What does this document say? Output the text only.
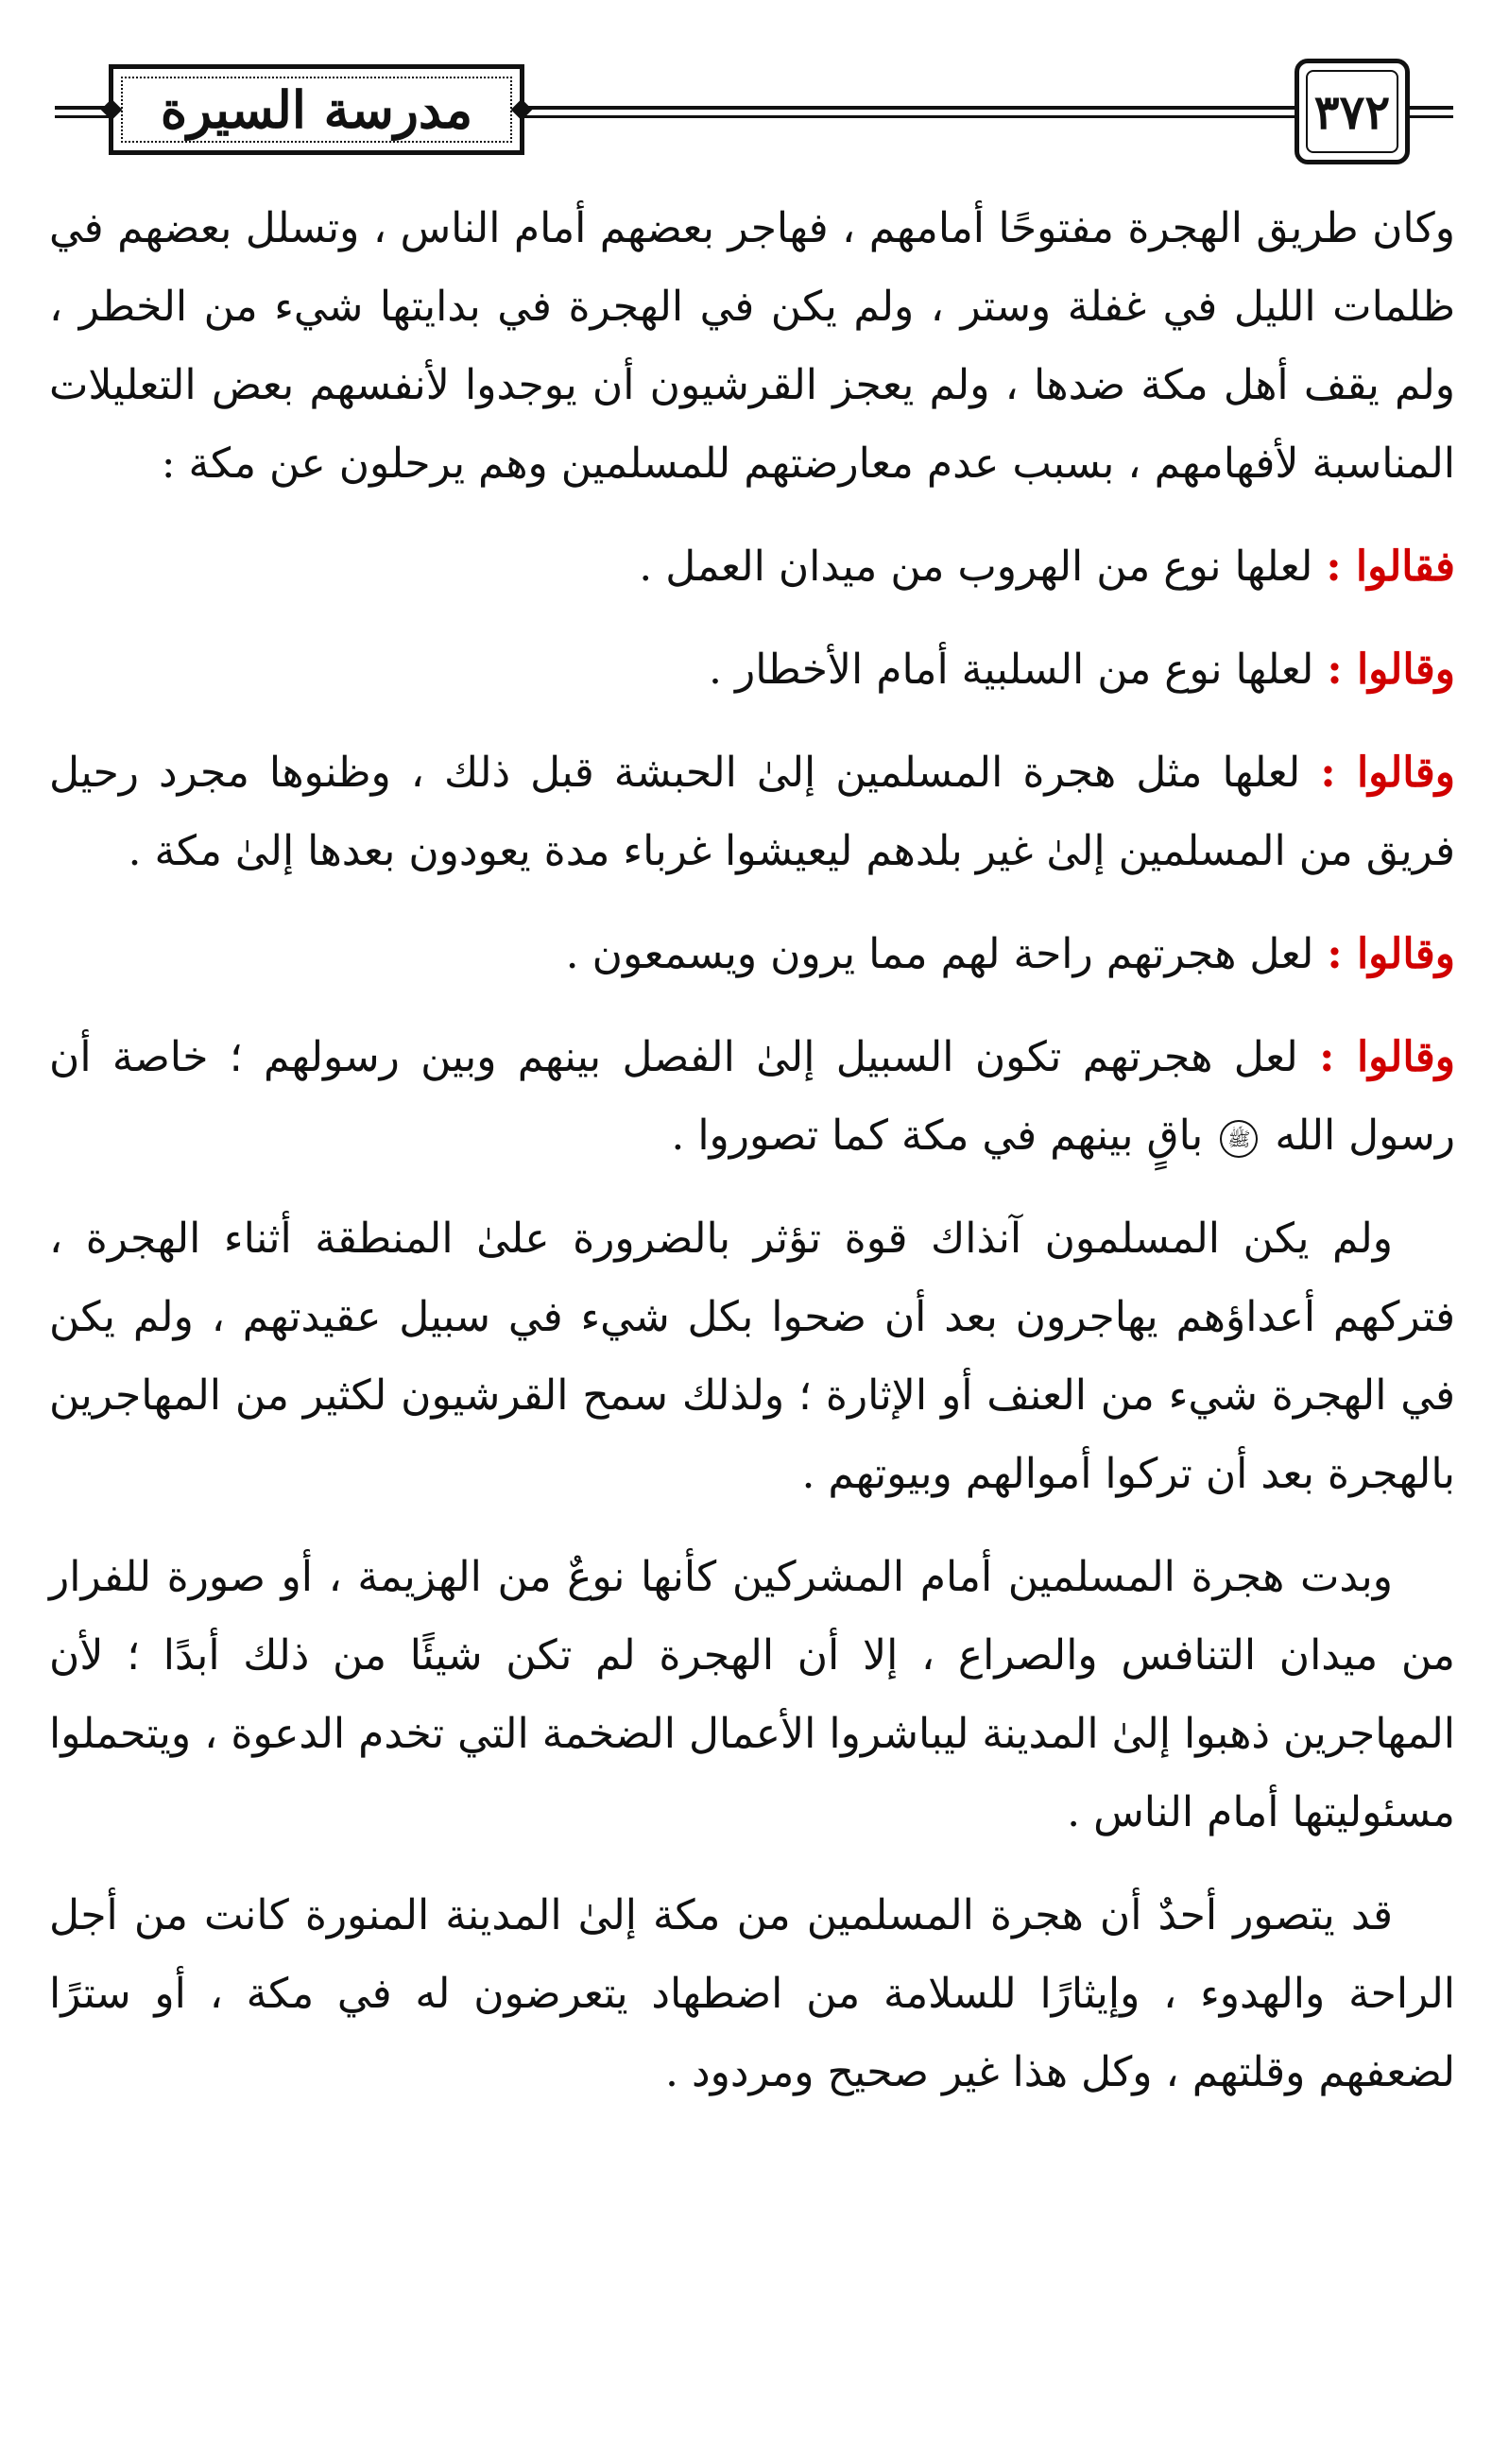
مدرسة السيرة	٣٧٢

وكان طريق الهجرة مفتوحًا أمامهم ، فهاجر بعضهم أمام الناس ، وتسلل بعضهم في ظلمات الليل في غفلة وستر ، ولم يكن في الهجرة في بدايتها شيء من الخطر ، ولم يقف أهل مكة ضدها ، ولم يعجز القرشيون أن يوجدوا لأنفسهم بعض التعليلات المناسبة لأفهامهم ، بسبب عدم معارضتهم للمسلمين وهم يرحلون عن مكة :

فقالوا : لعلها نوع من الهروب من ميدان العمل .

وقالوا : لعلها نوع من السلبية أمام الأخطار .

وقالوا : لعلها مثل هجرة المسلمين إلىٰ الحبشة قبل ذلك ، وظنوها مجرد رحيل فريق من المسلمين إلىٰ غير بلدهم ليعيشوا غرباء مدة يعودون بعدها إلىٰ مكة .

وقالوا : لعل هجرتهم راحة لهم مما يرون ويسمعون .

وقالوا : لعل هجرتهم تكون السبيل إلىٰ الفصل بينهم وبين رسولهم ؛ خاصة أن رسول الله ﷺ باقٍ بينهم في مكة كما تصوروا .

ولم يكن المسلمون آنذاك قوة تؤثر بالضرورة علىٰ المنطقة أثناء الهجرة ، فتركهم أعداؤهم يهاجرون بعد أن ضحوا بكل شيء في سبيل عقيدتهم ، ولم يكن في الهجرة شيء من العنف أو الإثارة ؛ ولذلك سمح القرشيون لكثير من المهاجرين بالهجرة بعد أن تركوا أموالهم وبيوتهم .

وبدت هجرة المسلمين أمام المشركين كأنها نوعٌ من الهزيمة ، أو صورة للفرار من ميدان التنافس والصراع ، إلا أن الهجرة لم تكن شيئًا من ذلك أبدًا ؛ لأن المهاجرين ذهبوا إلىٰ المدينة ليباشروا الأعمال الضخمة التي تخدم الدعوة ، ويتحملوا مسئوليتها أمام الناس .

قد يتصور أحدٌ أن هجرة المسلمين من مكة إلىٰ المدينة المنورة كانت من أجل الراحة والهدوء ، وإيثارًا للسلامة من اضطهاد يتعرضون له في مكة ، أو سترًا لضعفهم وقلتهم ، وكل هذا غير صحيح ومردود .
